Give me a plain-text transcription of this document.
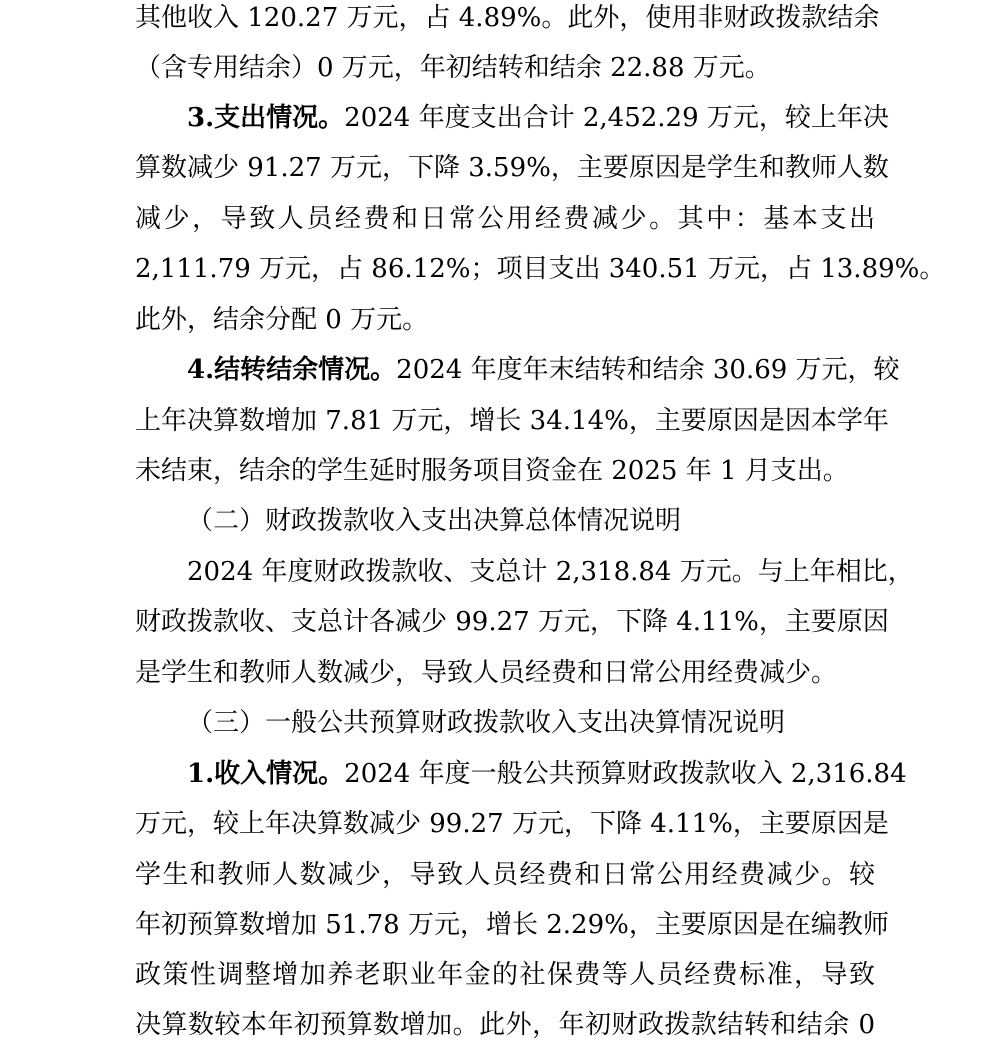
其他收入 120.27 万元，占 4.89%。此外，使用非财政拨款结余
（含专用结余）0 万元，年初结转和结余 22.88 万元。
3.支出情况。2024 年度支出合计 2,452.29 万元，较上年决
算数减少 91.27 万元，下降 3.59%，主要原因是学生和教师人数
减少，导致人员经费和日常公用经费减少。其中：基本支出
2,111.79 万元，占 86.12%；项目支出 340.51 万元，占 13.89%。
此外，结余分配 0 万元。
4.结转结余情况。2024 年度年末结转和结余 30.69 万元，较
上年决算数增加 7.81 万元，增长 34.14%，主要原因是因本学年
未结束，结余的学生延时服务项目资金在 2025 年 1 月支出。
（二）财政拨款收入支出决算总体情况说明
2024 年度财政拨款收、支总计 2,318.84 万元。与上年相比，
财政拨款收、支总计各减少 99.27 万元，下降 4.11%，主要原因
是学生和教师人数减少，导致人员经费和日常公用经费减少。
（三）一般公共预算财政拨款收入支出决算情况说明
1.收入情况。2024 年度一般公共预算财政拨款收入 2,316.84
万元，较上年决算数减少 99.27 万元，下降 4.11%，主要原因是
学生和教师人数减少，导致人员经费和日常公用经费减少。较
年初预算数增加 51.78 万元，增长 2.29%，主要原因是在编教师
政策性调整增加养老职业年金的社保费等人员经费标准，导致
决算数较本年初预算数增加。此外，年初财政拨款结转和结余 0
